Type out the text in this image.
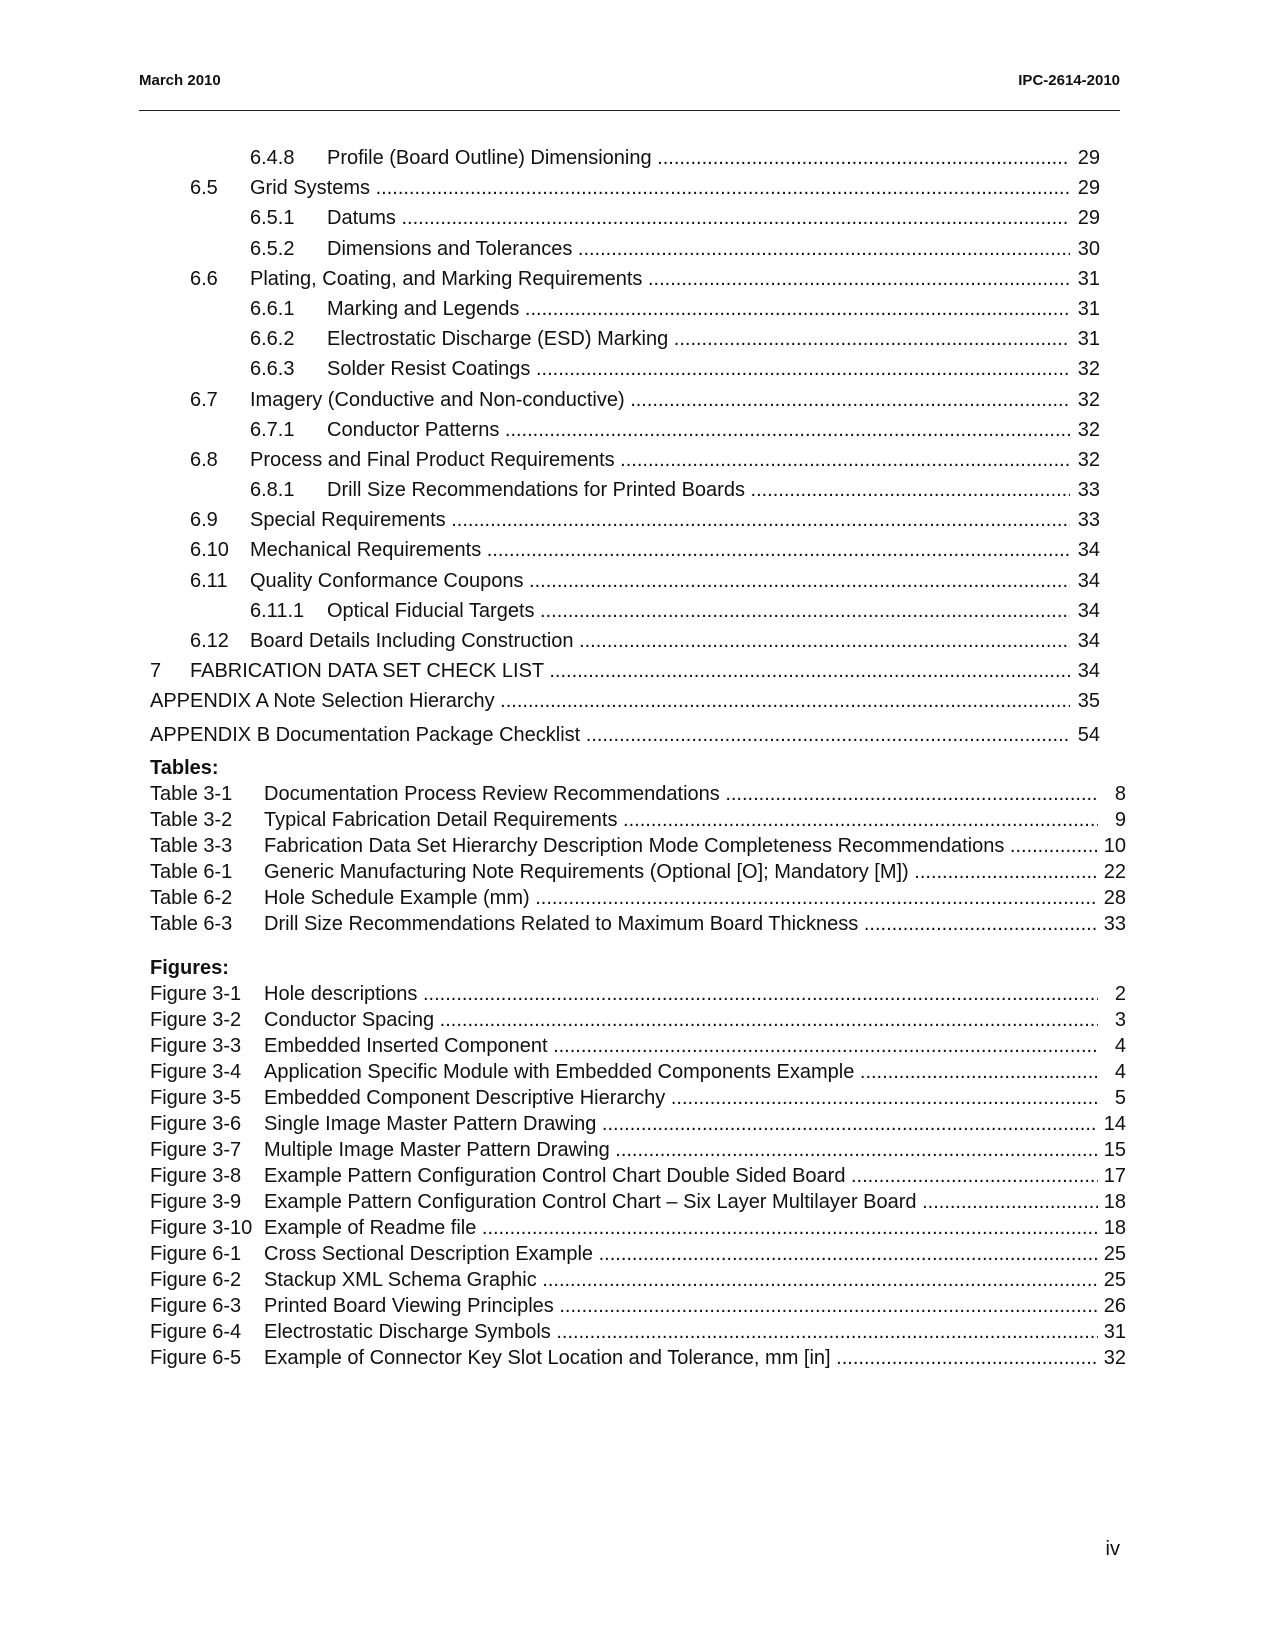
March 2010	IPC-2614-2010
6.4.8 Profile (Board Outline) Dimensioning .....	29
6.5 Grid Systems .....	29
6.5.1 Datums .....	29
6.5.2 Dimensions and Tolerances .....	30
6.6 Plating, Coating, and Marking Requirements .....	31
6.6.1 Marking and Legends .....	31
6.6.2 Electrostatic Discharge (ESD) Marking .....	31
6.6.3 Solder Resist Coatings .....	32
6.7 Imagery (Conductive and Non-conductive) .....	32
6.7.1 Conductor Patterns .....	32
6.8 Process and Final Product Requirements .....	32
6.8.1 Drill Size Recommendations for Printed Boards .....	33
6.9 Special Requirements .....	33
6.10 Mechanical Requirements .....	34
6.11 Quality Conformance Coupons .....	34
6.11.1 Optical Fiducial Targets .....	34
6.12 Board Details Including Construction .....	34
7 FABRICATION DATA SET CHECK LIST .....	34
APPENDIX A Note Selection Hierarchy .....	35
APPENDIX B Documentation Package Checklist .....	54
Tables:
Table 3-1 Documentation Process Review Recommendations .....	8
Table 3-2 Typical Fabrication Detail Requirements .....	9
Table 3-3 Fabrication Data Set Hierarchy Description Mode Completeness Recommendations .....	10
Table 6-1 Generic Manufacturing Note Requirements (Optional [O]; Mandatory [M]) .....	22
Table 6-2 Hole Schedule Example (mm) .....	28
Table 6-3 Drill Size Recommendations Related to Maximum Board Thickness .....	33
Figures:
Figure 3-1 Hole descriptions .....	2
Figure 3-2 Conductor Spacing .....	3
Figure 3-3 Embedded Inserted Component .....	4
Figure 3-4 Application Specific Module with Embedded Components Example .....	4
Figure 3-5 Embedded Component Descriptive Hierarchy .....	5
Figure 3-6 Single Image Master Pattern Drawing .....	14
Figure 3-7 Multiple Image Master Pattern Drawing .....	15
Figure 3-8 Example Pattern Configuration Control Chart Double Sided Board .....	17
Figure 3-9 Example Pattern Configuration Control Chart – Six Layer Multilayer Board .....	18
Figure 3-10 Example of Readme file .....	18
Figure 6-1 Cross Sectional Description Example .....	25
Figure 6-2 Stackup XML Schema Graphic .....	25
Figure 6-3 Printed Board Viewing Principles .....	26
Figure 6-4 Electrostatic Discharge Symbols .....	31
Figure 6-5 Example of Connector Key Slot Location and Tolerance, mm [in] .....	32
iv
